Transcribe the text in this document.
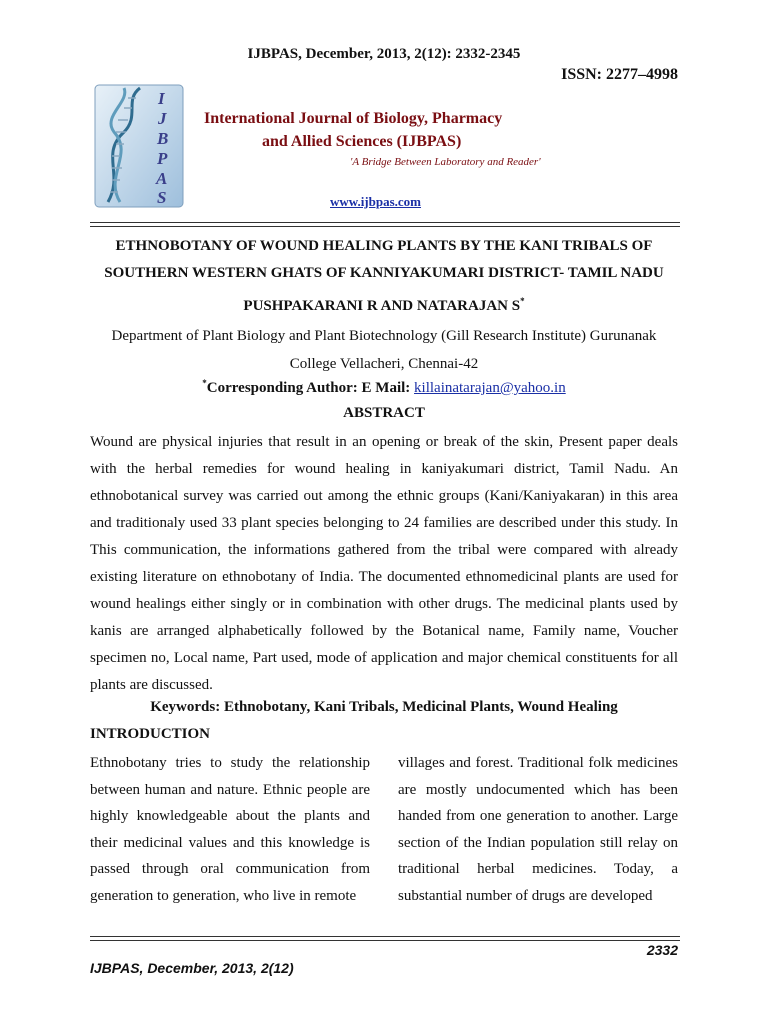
IJBPAS, December, 2013, 2(12): 2332-2345
ISSN: 2277–4998
I
J
B
P
A
S
International Journal of Biology, Pharmacy
and Allied Sciences (IJBPAS)
'A Bridge Between Laboratory and Reader'
www.ijbpas.com
ETHNOBOTANY OF WOUND HEALING PLANTS BY THE KANI TRIBALS OF
SOUTHERN WESTERN GHATS OF KANNIYAKUMARI DISTRICT- TAMIL NADU
PUSHPAKARANI R AND NATARAJAN S*
Department of Plant Biology and Plant Biotechnology (Gill Research Institute) Gurunanak
College Vellacheri, Chennai-42
*Corresponding Author: E Mail: killainatarajan@yahoo.in
ABSTRACT
Wound are physical injuries that result in an opening or break of the skin, Present paper deals with the herbal remedies for wound healing in kaniyakumari district, Tamil Nadu. An ethnobotanical survey was carried out among the ethnic groups (Kani/Kaniyakaran) in this area and traditionaly used 33 plant species belonging to 24 families are described under this study. In This communication, the informations gathered from the tribal were compared with already existing literature on ethnobotany of India. The documented ethnomedicinal plants are used for wound healings either singly or in combination with other drugs. The medicinal plants used by kanis are arranged alphabetically followed by the Botanical name, Family name, Voucher specimen no, Local name, Part used, mode of application and major chemical constituents for all plants are discussed.
Keywords: Ethnobotany, Kani Tribals, Medicinal Plants, Wound Healing
INTRODUCTION
Ethnobotany tries to study the relationship between human and nature. Ethnic people are highly knowledgeable about the plants and their medicinal values and this knowledge is passed through oral communication from generation to generation, who live in remote
villages and forest. Traditional folk medicines are mostly undocumented which has been handed from one generation to another. Large section of the Indian population still relay on traditional herbal medicines. Today, a substantial number of drugs are developed
2332
IJBPAS, December, 2013, 2(12)
